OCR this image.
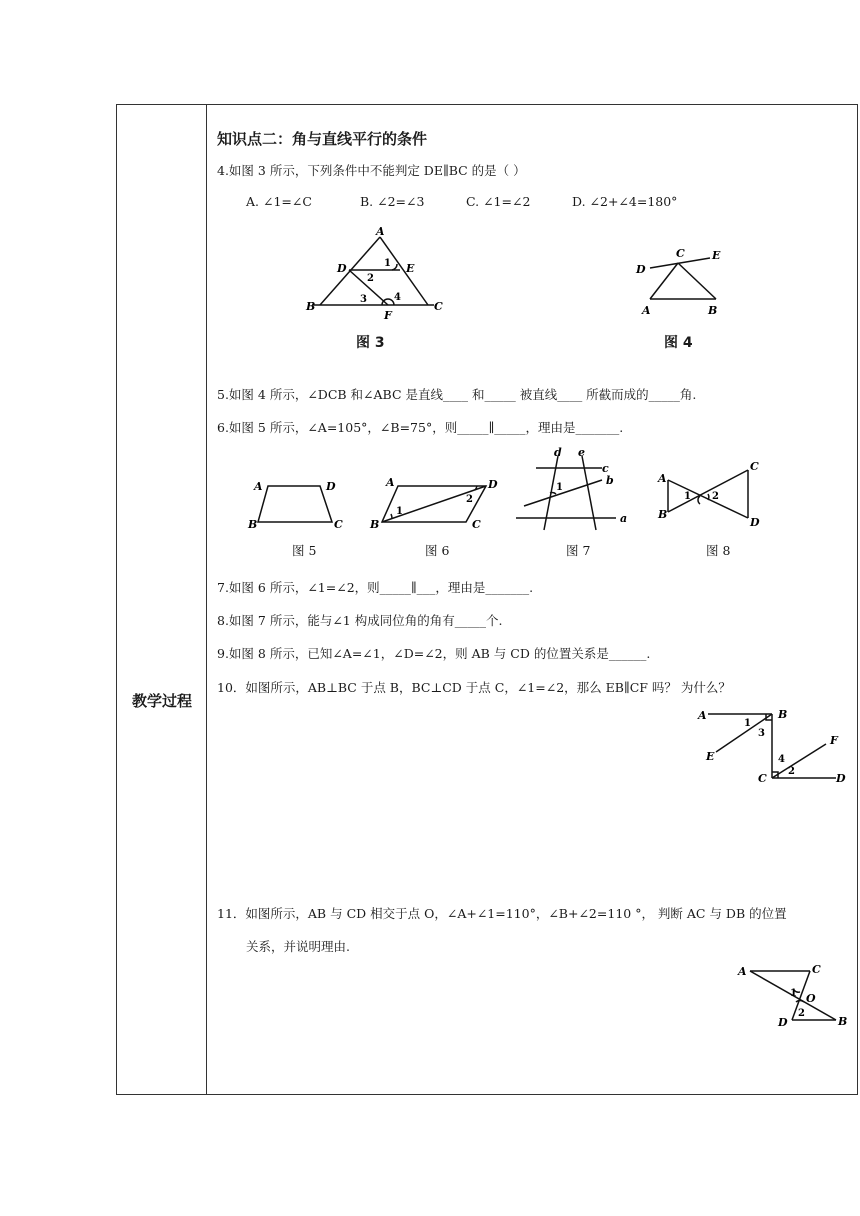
教学过程
知识点二：角与直线平行的条件
4.如图 3 所示，下列条件中不能判定 DE∥BC 的是（ ）
A. ∠1=∠C	B. ∠2=∠3	C. ∠1=∠2	D. ∠2+∠4=180°
A
D	E
B
F
C
1
2
3	4
图 3
C E
D
A	B
图 4
5.如图 4 所示，∠DCB 和∠ABC 是直线____ 和_____ 被直线____ 所截而成的_____角.
6.如图 5 所示，∠A=105°，∠B=75°，则_____∥_____，理由是_______.
A	D
B	C
图 5
A	D
B	C
1
2
图 6
d e
c
b
a
1
图 7
A
C
B
D
1 2
图 8
7.如图 6 所示，∠1=∠2，则_____∥___，理由是_______.
8.如图 7 所示，能与∠1 构成同位角的角有_____个.
9.如图 8 所示，已知∠A=∠1，∠D=∠2，则 AB 与 CD 的位置关系是______.
10．如图所示，AB⊥BC 于点 B，BC⊥CD 于点 C，∠1=∠2，那么 EB∥CF 吗？ 为什么？
A	B
1
3
E	4
F
C
2
D
11．如图所示，AB 与 CD 相交于点 O，∠A+∠1=110°，∠B+∠2=110 °， 判断 AC 与 DB 的位置
关系，并说明理由.
A	C
1 O
D
2
B
